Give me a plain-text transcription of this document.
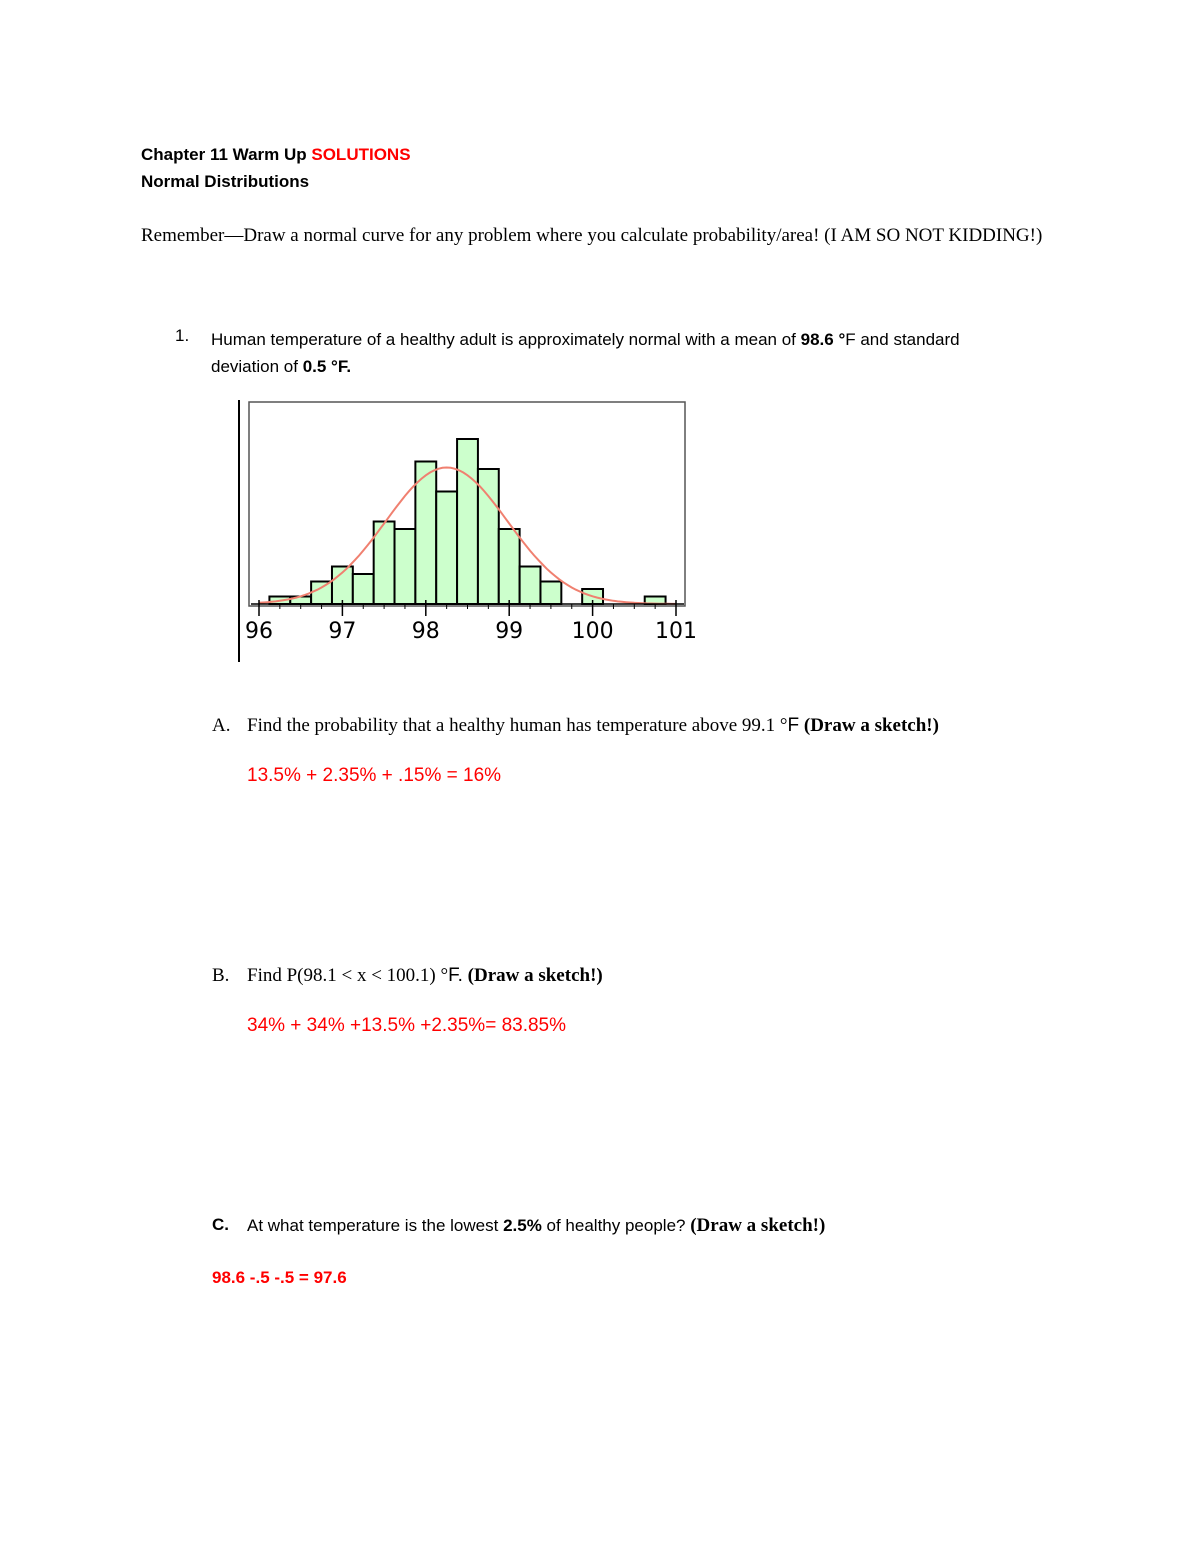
Chapter 11 Warm Up SOLUTIONS
Normal Distributions
Remember—Draw a normal curve for any problem where you calculate probability/area! (I AM SO NOT KIDDING!)
1. Human temperature of a healthy adult is approximately normal with a mean of 98.6 °F and standard deviation of 0.5 °F.
96	97	98	99 100 101
A. Find the probability that a healthy human has temperature above 99.1 °F (Draw a sketch!)
13.5% + 2.35% + .15% = 16%
B. Find P(98.1 < x < 100.1) °F. (Draw a sketch!)
34% + 34% +13.5% +2.35%= 83.85%
C. At what temperature is the lowest 2.5% of healthy people? (Draw a sketch!)
98.6 -.5 -.5 = 97.6
